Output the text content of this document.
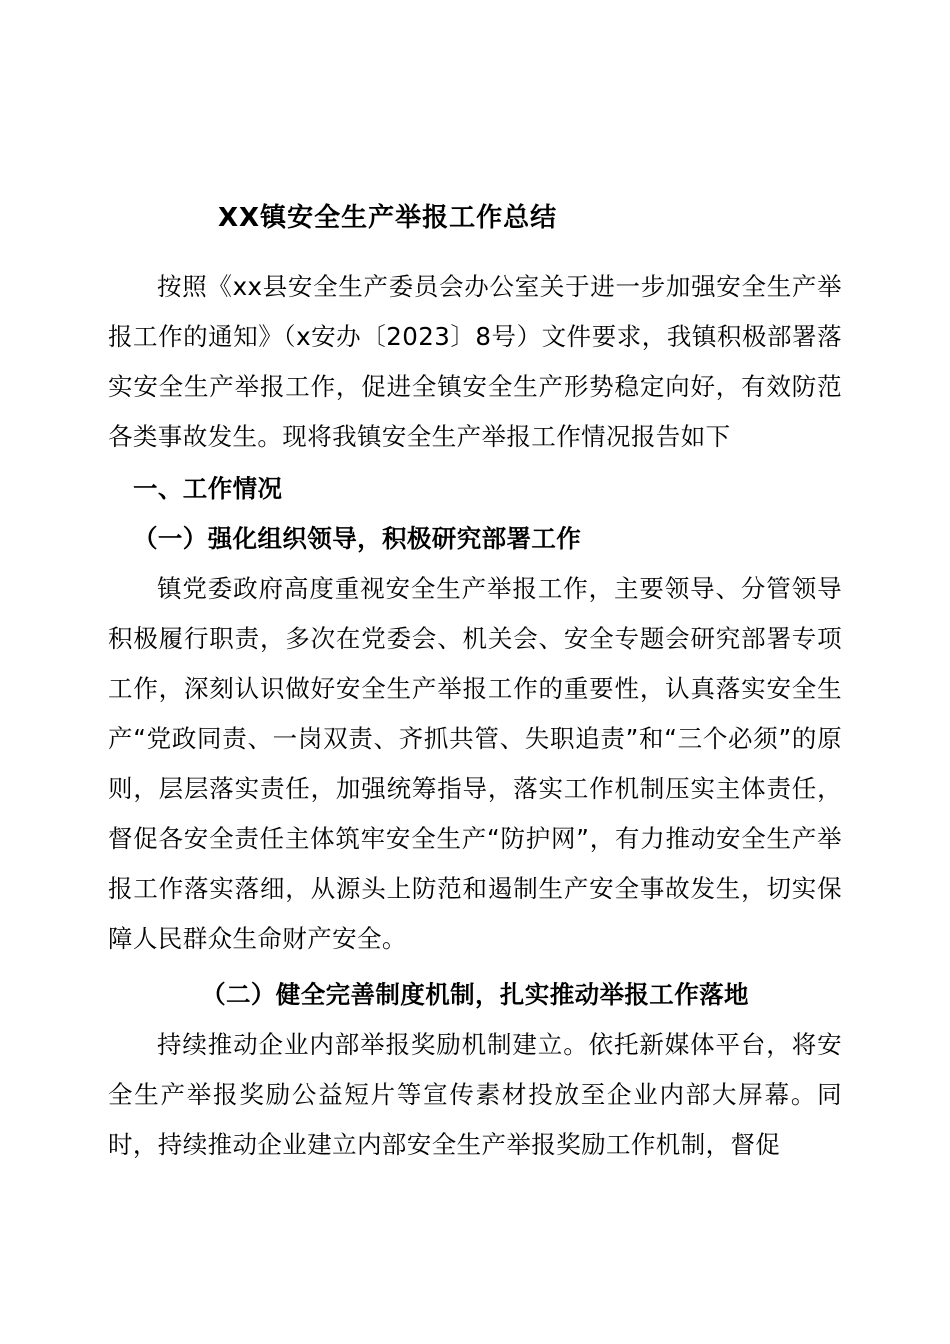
XX镇安全生产举报工作总结

按照《xx县安全生产委员会办公室关于进一步加强安全生产举报工作的通知》（x安办〔2023〕8号）文件要求，我镇积极部署落实安全生产举报工作，促进全镇安全生产形势稳定向好，有效防范各类事故发生。现将我镇安全生产举报工作情况报告如下

一、工作情况
（一）强化组织领导，积极研究部署工作

镇党委政府高度重视安全生产举报工作，主要领导、分管领导积极履行职责，多次在党委会、机关会、安全专题会研究部署专项工作，深刻认识做好安全生产举报工作的重要性，认真落实安全生产“党政同责、一岗双责、齐抓共管、失职追责”和“三个必须”的原则，层层落实责任，加强统筹指导，落实工作机制压实主体责任，督促各安全责任主体筑牢安全生产“防护网”，有力推动安全生产举报工作落实落细，从源头上防范和遏制生产安全事故发生，切实保障人民群众生命财产安全。

（二）健全完善制度机制，扎实推动举报工作落地

持续推动企业内部举报奖励机制建立。依托新媒体平台，将安全生产举报奖励公益短片等宣传素材投放至企业内部大屏幕。同时，持续推动企业建立内部安全生产举报奖励工作机制，督促
